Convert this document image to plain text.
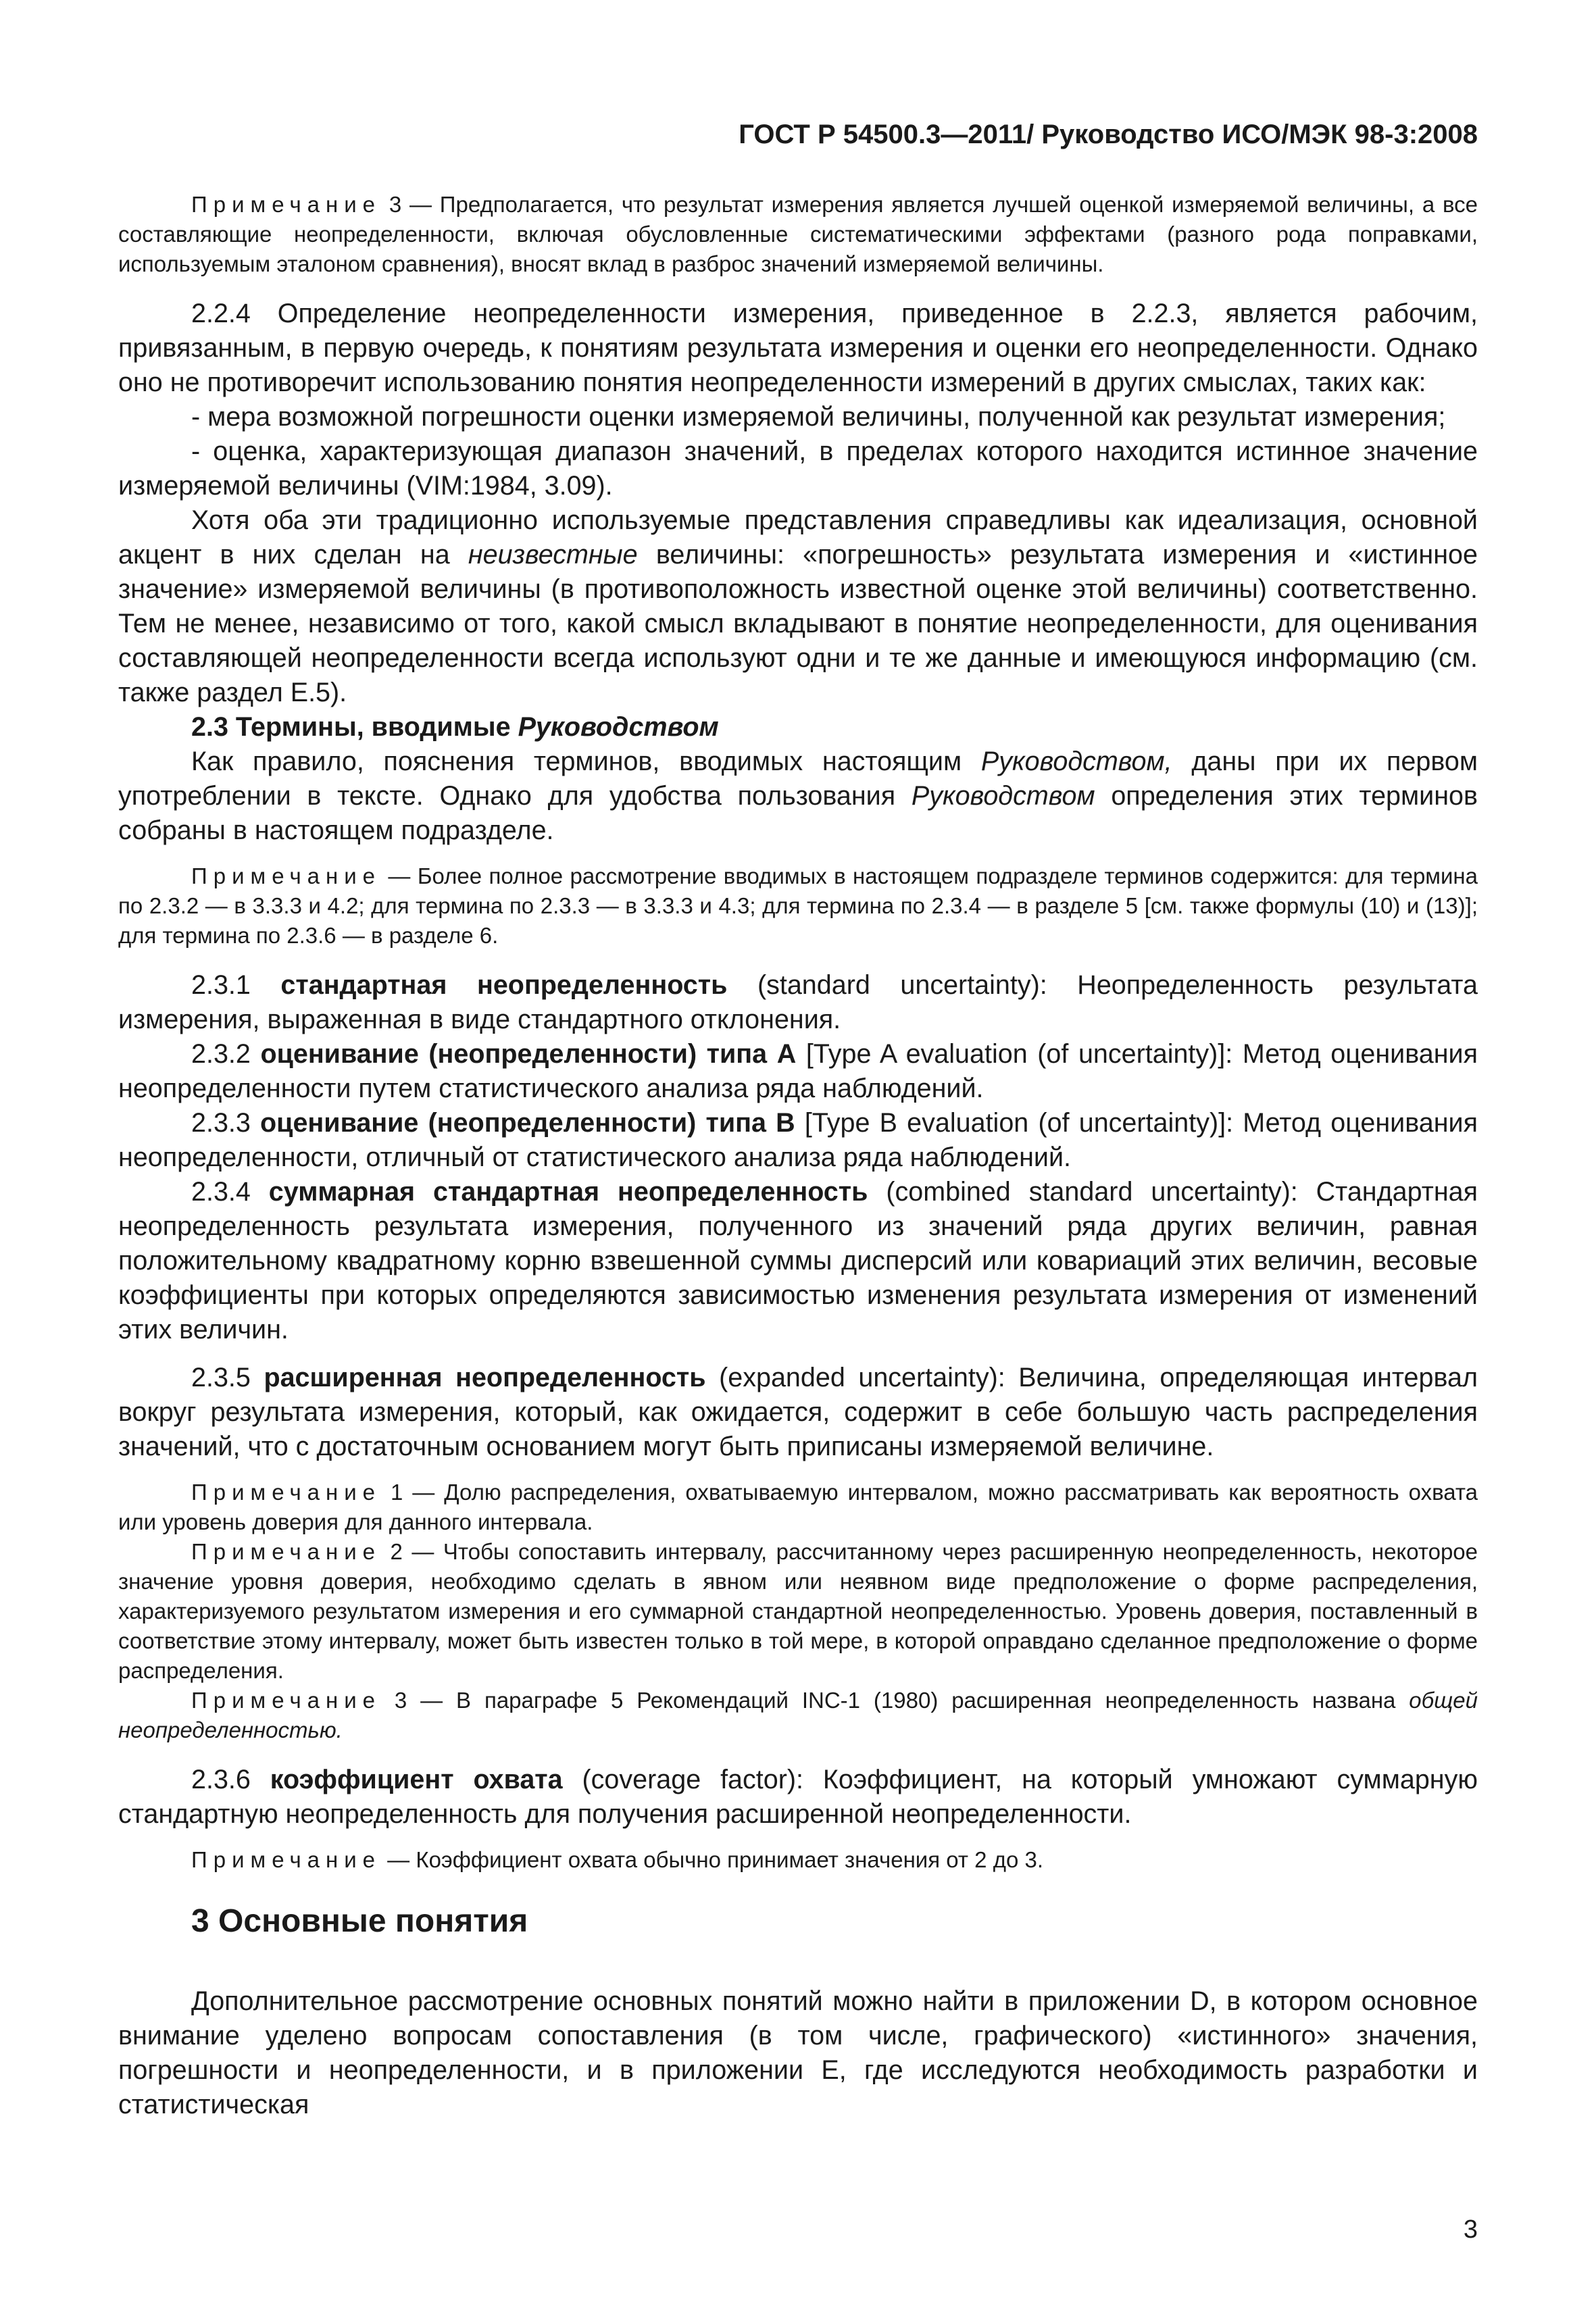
ГОСТ Р 54500.3—2011/ Руководство ИСО/МЭК 98-3:2008

Примечание 3 — Предполагается, что результат измерения является лучшей оценкой измеряемой величины, а все составляющие неопределенности, включая обусловленные систематическими эффектами (разного рода поправками, используемым эталоном сравнения), вносят вклад в разброс значений измеряемой величины.

2.2.4 Определение неопределенности измерения, приведенное в 2.2.3, является рабочим, привязанным, в первую очередь, к понятиям результата измерения и оценки его неопределенности. Однако оно не противоречит использованию понятия неопределенности измерений в других смыслах, таких как:

- мера возможной погрешности оценки измеряемой величины, полученной как результат измерения;

- оценка, характеризующая диапазон значений, в пределах которого находится истинное значение измеряемой величины (VIM:1984, 3.09).

Хотя оба эти традиционно используемые представления справедливы как идеализация, основной акцент в них сделан на неизвестные величины: «погрешность» результата измерения и «истинное значение» измеряемой величины (в противоположность известной оценке этой величины) соответственно. Тем не менее, независимо от того, какой смысл вкладывают в понятие неопределенности, для оценивания составляющей неопределенности всегда используют одни и те же данные и имеющуюся информацию (см. также раздел Е.5).

2.3 Термины, вводимые Руководством

Как правило, пояснения терминов, вводимых настоящим Руководством, даны при их первом употреблении в тексте. Однако для удобства пользования Руководством определения этих терминов собраны в настоящем подразделе.

Примечание — Более полное рассмотрение вводимых в настоящем подразделе терминов содержится: для термина по 2.3.2 — в 3.3.3 и 4.2; для термина по 2.3.3 — в 3.3.3 и 4.3; для термина по 2.3.4 — в разделе 5 [см. также формулы (10) и (13)]; для термина по 2.3.6 — в разделе 6.

2.3.1 стандартная неопределенность (standard uncertainty): Неопределенность результата измерения, выраженная в виде стандартного отклонения.

2.3.2 оценивание (неопределенности) типа А [Type A evaluation (of uncertainty)]: Метод оценивания неопределенности путем статистического анализа ряда наблюдений.

2.3.3 оценивание (неопределенности) типа В [Type B evaluation (of uncertainty)]: Метод оценивания неопределенности, отличный от статистического анализа ряда наблюдений.

2.3.4 суммарная стандартная неопределенность (combined standard uncertainty): Стандартная неопределенность результата измерения, полученного из значений ряда других величин, равная положительному квадратному корню взвешенной суммы дисперсий или ковариаций этих величин, весовые коэффициенты при которых определяются зависимостью изменения результата измерения от изменений этих величин.

2.3.5 расширенная неопределенность (expanded uncertainty): Величина, определяющая интервал вокруг результата измерения, который, как ожидается, содержит в себе большую часть распределения значений, что с достаточным основанием могут быть приписаны измеряемой величине.

Примечание 1 — Долю распределения, охватываемую интервалом, можно рассматривать как вероятность охвата или уровень доверия для данного интервала.

Примечание 2 — Чтобы сопоставить интервалу, рассчитанному через расширенную неопределенность, некоторое значение уровня доверия, необходимо сделать в явном или неявном виде предположение о форме распределения, характеризуемого результатом измерения и его суммарной стандартной неопределенностью. Уровень доверия, поставленный в соответствие этому интервалу, может быть известен только в той мере, в которой оправдано сделанное предположение о форме распределения.

Примечание 3 — В параграфе 5 Рекомендаций INC-1 (1980) расширенная неопределенность названа общей неопределенностью.

2.3.6 коэффициент охвата (coverage factor): Коэффициент, на который умножают суммарную стандартную неопределенность для получения расширенной неопределенности.

Примечание — Коэффициент охвата обычно принимает значения от 2 до 3.

3 Основные понятия

Дополнительное рассмотрение основных понятий можно найти в приложении D, в котором основное внимание уделено вопросам сопоставления (в том числе, графического) «истинного» значения, погрешности и неопределенности, и в приложении Е, где исследуются необходимость разработки и статистическая

3
